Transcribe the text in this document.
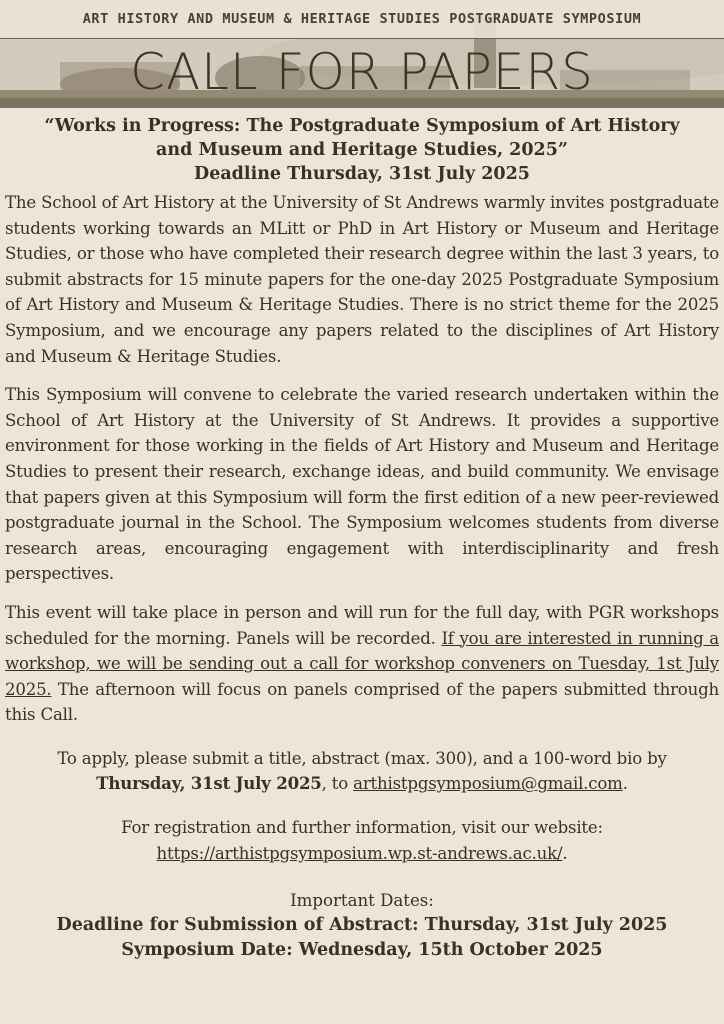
ART HISTORY AND MUSEUM & HERITAGE STUDIES POSTGRADUATE SYMPOSIUM
CALL FOR PAPERS

“Works in Progress: The Postgraduate Symposium of Art History
and Museum and Heritage Studies, 2025”
Deadline Thursday, 31st July 2025

The School of Art History at the University of St Andrews warmly invites postgraduate students working towards an MLitt or PhD in Art History or Museum and Heritage Studies, or those who have completed their research degree within the last 3 years, to submit abstracts for 15 minute papers for the one-day 2025 Postgraduate Symposium of Art History and Museum & Heritage Studies. There is no strict theme for the 2025 Symposium, and we encourage any papers related to the disciplines of Art History and Museum & Heritage Studies.

This Symposium will convene to celebrate the varied research undertaken within the School of Art History at the University of St Andrews. It provides a supportive environment for those working in the fields of Art History and Museum and Heritage Studies to present their research, exchange ideas, and build community. We envisage that papers given at this Symposium will form the first edition of a new peer-reviewed postgraduate journal in the School. The Symposium welcomes students from diverse research areas, encouraging engagement with interdisciplinarity and fresh perspectives.

This event will take place in person and will run for the full day, with PGR workshops scheduled for the morning. Panels will be recorded. If you are interested in running a workshop, we will be sending out a call for workshop conveners on Tuesday, 1st July 2025. The afternoon will focus on panels comprised of the papers submitted through this Call.

To apply, please submit a title, abstract (max. 300), and a 100-word bio by
Thursday, 31st July 2025, to arthistpgsymposium@gmail.com.

For registration and further information, visit our website:
https://arthistpgsymposium.wp.st-andrews.ac.uk/.

Important Dates:
Deadline for Submission of Abstract: Thursday, 31st July 2025
Symposium Date: Wednesday, 15th October 2025
